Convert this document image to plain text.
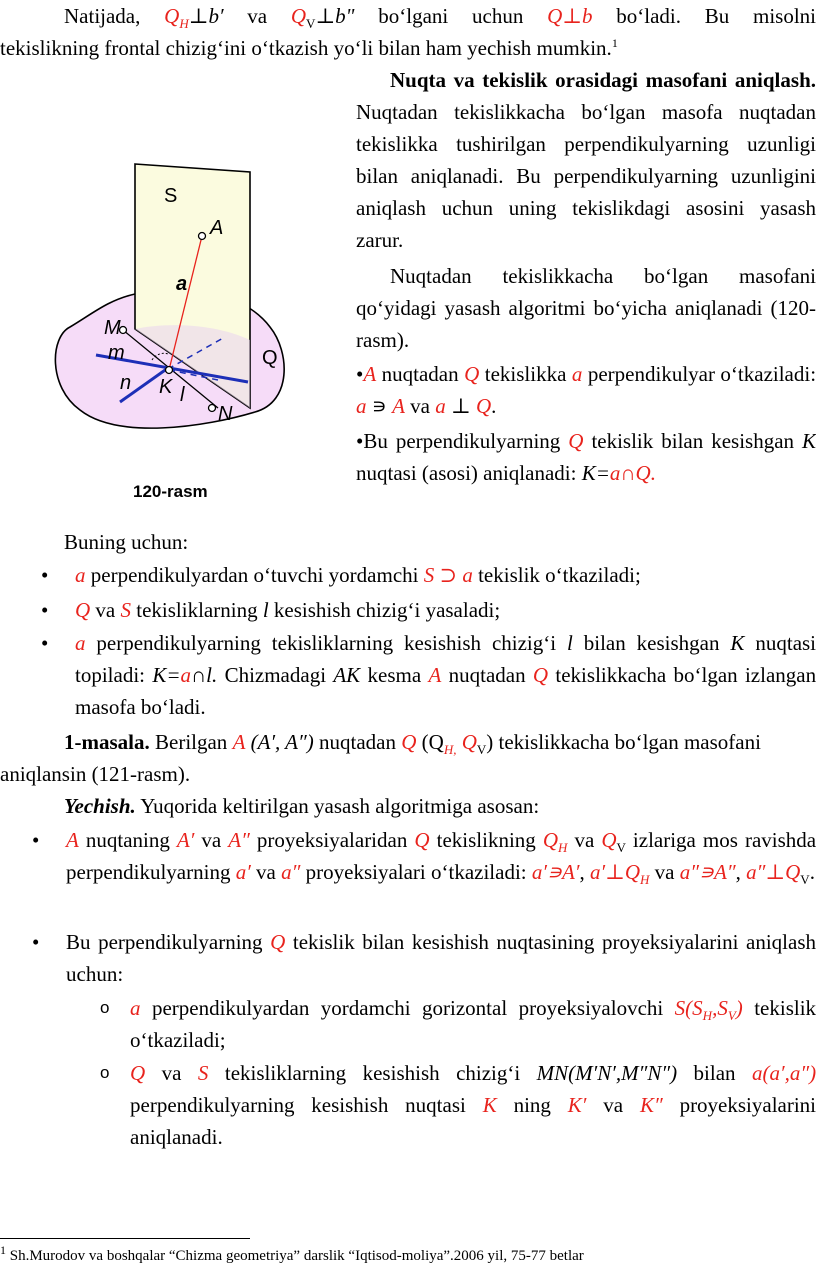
Natijada, $Q_H\perp b'$ va $Q_V\perp b$" bo‘lgani uchun Q⊥b bo‘ladi. Bu misolni
tekislikning frontal chizig‘ini o‘tkazish yo‘li bilan ham yechish mumkin.$^1$
S
A
a
M
m	Q
n K l
N
120-rasm
Nuqta va tekislik orasidagi masofani aniqlash. Nuqtadan tekislikkacha bo‘lgan masofa nuqtadan tekislikka tushirilgan perpendikulyarning uzunligi bilan aniqlanadi. Bu perpendikulyarning uzunligini aniqlash uchun uning tekislikdagi asosini yasash zarur.
Nuqtadan tekislikkacha bo‘lgan masofani qo‘yidagi yasash algoritmi bo‘yicha aniqlanadi (120-rasm).
•A nuqtadan Q tekislikka a perpendikulyar o‘tkaziladi: a ∍ A va a ⊥ Q.
•Bu perpendikulyarning Q tekislik bilan kesishgan K nuqtasi (asosi) aniqlanadi: K=a∩Q.
Buning uchun:
a perpendikulyardan o‘tuvchi yordamchi S ⊃ a tekislik o‘tkaziladi;
Q va S tekisliklarning l kesishish chizig‘i yasaladi;
a perpendikulyarning tekisliklarning kesishish chizig‘i l bilan kesishgan K nuqtasi topiladi: K=a∩l. Chizmadagi AK kesma A nuqtadan Q tekislikkacha bo‘lgan izlangan masofa bo‘ladi.
1-masala. Berilgan A (A′, A″) nuqtadan Q ($Q_{H,}$ $Q_V$) tekislikkacha bo‘lgan masofani aniqlansin (121-rasm).
Yechish. Yuqorida keltirilgan yasash algoritmiga asosan:
A nuqtaning A′ va A″ proyeksiyalaridan Q tekislikning $Q_H$ va $Q_V$ izlariga mos ravishda perpendikulyarning a′ va a″ proyeksiyalari o‘tkaziladi: a′∍A′, $a'\perp Q_H$ va a″∍A″, $a''\perp Q_V$.
Bu perpendikulyarning Q tekislik bilan kesishish nuqtasining proyeksiyalarini aniqlash uchun:
a perpendikulyardan yordamchi gorizontal proyeksiyalovchi $S(S_H,S_V)$ tekislik o‘tkaziladi;
Q va S tekisliklarning kesishish chizig‘i MN(M′N′,M″N″) bilan a(a′,a″) perpendikulyarning kesishish nuqtasi K ning K′ va K″ proyeksiyalarini aniqlanadi.
$^1$ Sh.Murodov va boshqalar “Chizma geometriya” darslik “Iqtisod-moliya”.2006 yil, 75-77 betlar
